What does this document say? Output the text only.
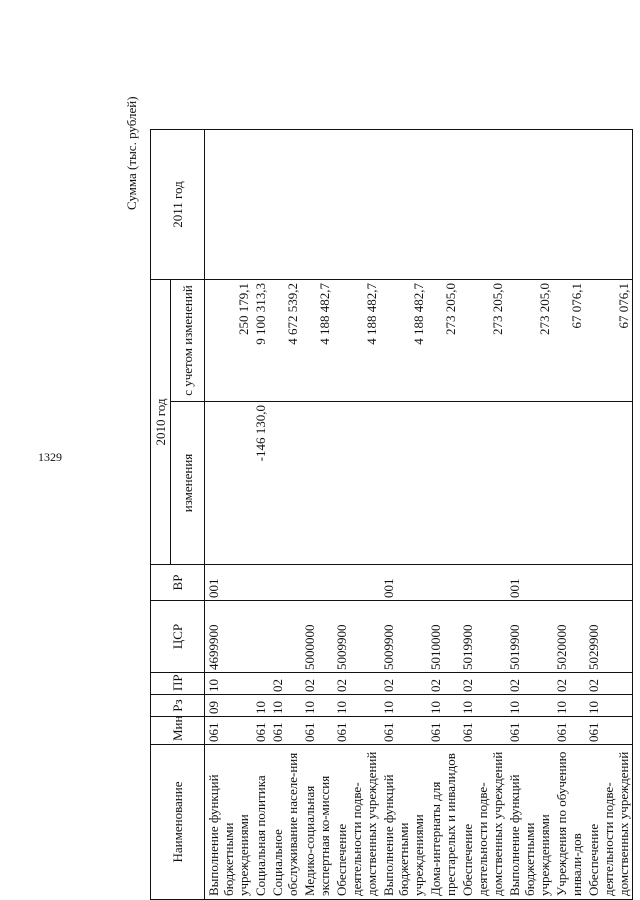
1329
Сумма (тыс. рублей)
Наименование	Мин	Рз	ПР	ЦСР	ВР	2010 год		2011 год
						изменения	с учетом изменений	
Выполнение функций бюджетными учреждениями	061	09	10	4699900	001		250 179,1	
Социальная политика	061	10				-146 130,0	9 100 313,3	
Социальное обслуживание населе-ния	061	10	02				4 672 539,2	
Медико-социальная экспертная ко-миссия	061	10	02	5000000			4 188 482,7	
Обеспечение деятельности подве-домственных учреждений	061	10	02	5009900			4 188 482,7	
Выполнение функций бюджетными учреждениями	061	10	02	5009900	001		4 188 482,7	
Дома-интернаты для престарелых и инвалидов	061	10	02	5010000			273 205,0	
Обеспечение деятельности подве-домственных учреждений	061	10	02	5019900			273 205,0	
Выполнение функций бюджетными учреждениями	061	10	02	5019900	001		273 205,0	
Учреждения по обучению инвали-дов	061	10	02	5020000			67 076,1	
Обеспечение деятельности подве-домственных учреждений	061	10	02	5029900			67 076,1	
